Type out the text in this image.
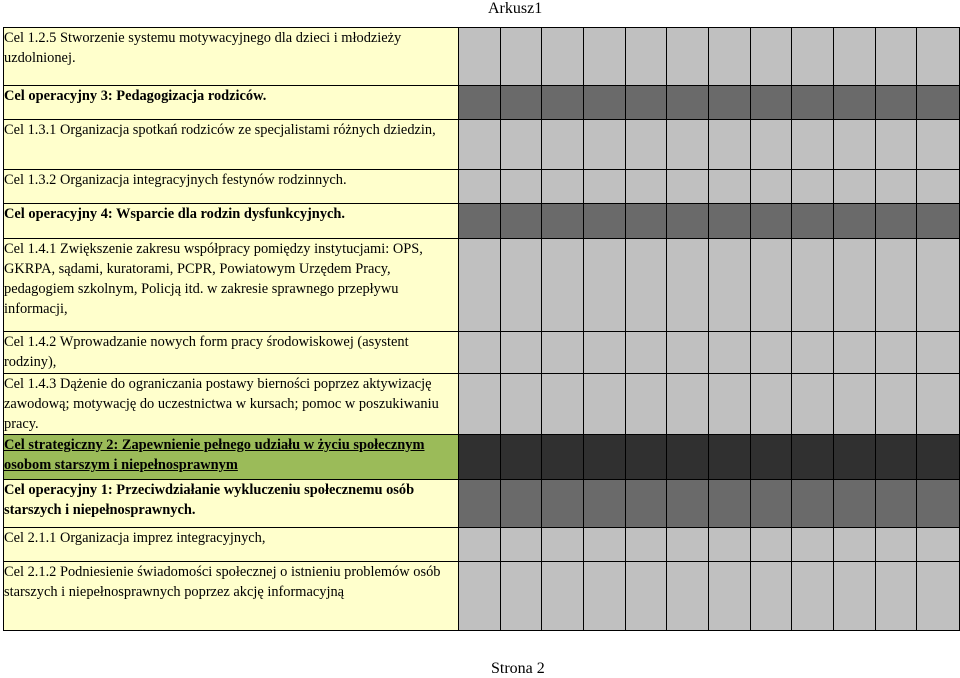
Arkusz1
Cel 1.2.5 Stworzenie systemu motywacyjnego dla dzieci i młodzieży uzdolnionej.												
Cel operacyjny 3: Pedagogizacja rodziców.												
Cel 1.3.1 Organizacja spotkań rodziców ze specjalistami różnych dziedzin,												
Cel 1.3.2 Organizacja integracyjnych festynów rodzinnych.												
Cel operacyjny 4: Wsparcie dla rodzin dysfunkcyjnych.												
Cel 1.4.1 Zwiększenie zakresu współpracy pomiędzy instytucjami: OPS, GKRPA, sądami, kuratorami, PCPR, Powiatowym Urzędem Pracy, pedagogiem szkolnym, Policją itd. w zakresie sprawnego przepływu informacji,												
Cel 1.4.2 Wprowadzanie nowych form pracy środowiskowej (asystent rodziny),												
Cel 1.4.3 Dążenie do ograniczania postawy bierności poprzez aktywizację zawodową; motywację do uczestnictwa w kursach; pomoc w poszukiwaniu pracy.												
Cel strategiczny 2: Zapewnienie pełnego udziału w życiu społecznym osobom starszym i niepełnosprawnym												
Cel operacyjny 1: Przeciwdziałanie wykluczeniu społecznemu osób starszych i niepełnosprawnych.												
Cel 2.1.1 Organizacja imprez integracyjnych,												
Cel 2.1.2 Podniesienie świadomości społecznej o istnieniu problemów osób starszych i niepełnosprawnych poprzez akcję informacyjną												
Strona 2
